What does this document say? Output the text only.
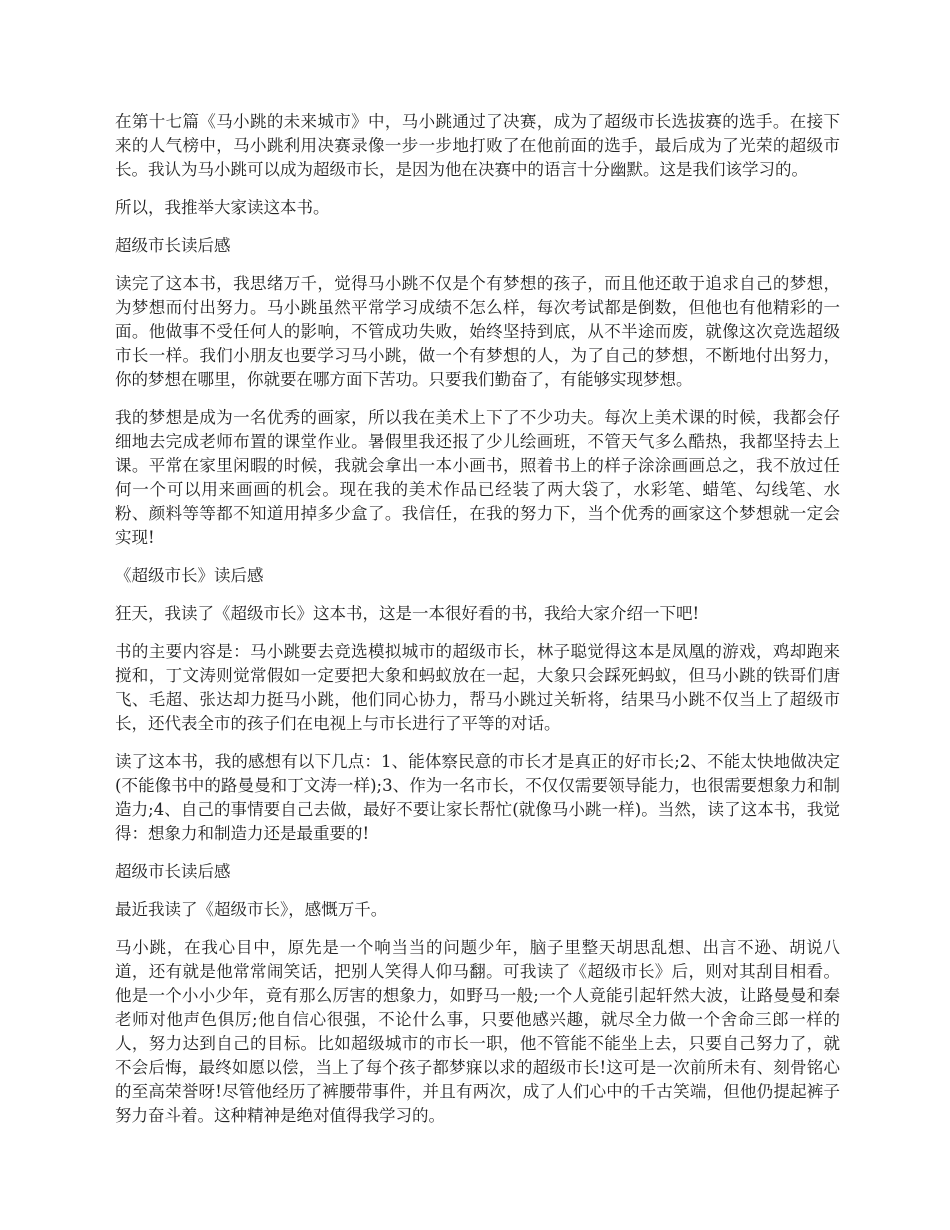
在第十七篇《马小跳的未来城市》中，马小跳通过了决赛，成为了超级市长选拔赛的选手。在接下来的人气榜中，马小跳利用决赛录像一步一步地打败了在他前面的选手，最后成为了光荣的超级市长。我认为马小跳可以成为超级市长，是因为他在决赛中的语言十分幽默。这是我们该学习的。

所以，我推举大家读这本书。

超级市长读后感

读完了这本书，我思绪万千，觉得马小跳不仅是个有梦想的孩子，而且他还敢于追求自己的梦想，为梦想而付出努力。马小跳虽然平常学习成绩不怎么样，每次考试都是倒数，但他也有他精彩的一面。他做事不受任何人的影响，不管成功失败，始终坚持到底，从不半途而废，就像这次竞选超级市长一样。我们小朋友也要学习马小跳，做一个有梦想的人，为了自己的梦想，不断地付出努力，你的梦想在哪里，你就要在哪方面下苦功。只要我们勤奋了，有能够实现梦想。

我的梦想是成为一名优秀的画家，所以我在美术上下了不少功夫。每次上美术课的时候，我都会仔细地去完成老师布置的课堂作业。暑假里我还报了少儿绘画班，不管天气多么酷热，我都坚持去上课。平常在家里闲暇的时候，我就会拿出一本小画书，照着书上的样子涂涂画画总之，我不放过任何一个可以用来画画的机会。现在我的美术作品已经装了两大袋了，水彩笔、蜡笔、勾线笔、水粉、颜料等等都不知道用掉多少盒了。我信任，在我的努力下，当个优秀的画家这个梦想就一定会实现!

《超级市长》读后感

狂天，我读了《超级市长》这本书，这是一本很好看的书，我给大家介绍一下吧!

书的主要内容是：马小跳要去竞选模拟城市的超级市长，林子聪觉得这本是凤凰的游戏，鸡却跑来搅和，丁文涛则觉常假如一定要把大象和蚂蚁放在一起，大象只会踩死蚂蚁，但马小跳的铁哥们唐飞、毛超、张达却力挺马小跳，他们同心协力，帮马小跳过关斩将，结果马小跳不仅当上了超级市长，还代表全市的孩子们在电视上与市长进行了平等的对话。

读了这本书，我的感想有以下几点：1、能体察民意的市长才是真正的好市长;2、不能太快地做决定(不能像书中的路曼曼和丁文涛一样);3、作为一名市长，不仅仅需要领导能力，也很需要想象力和制造力;4、自己的事情要自己去做，最好不要让家长帮忙(就像马小跳一样)。当然，读了这本书，我觉得：想象力和制造力还是最重要的!

超级市长读后感

最近我读了《超级市长》，感慨万千。

马小跳，在我心目中，原先是一个响当当的问题少年，脑子里整天胡思乱想、出言不逊、胡说八道，还有就是他常常闹笑话，把别人笑得人仰马翻。可我读了《超级市长》后，则对其刮目相看。他是一个小小少年，竟有那么厉害的想象力，如野马一般;一个人竟能引起轩然大波，让路曼曼和秦老师对他声色俱厉;他自信心很强，不论什么事，只要他感兴趣，就尽全力做一个舍命三郎一样的人，努力达到自己的目标。比如超级城市的市长一职，他不管能不能坐上去，只要自己努力了，就不会后悔，最终如愿以偿，当上了每个孩子都梦寐以求的超级市长!这可是一次前所未有、刻骨铭心的至高荣誉呀!尽管他经历了裤腰带事件，并且有两次，成了人们心中的千古笑端，但他仍提起裤子努力奋斗着。这种精神是绝对值得我学习的。
